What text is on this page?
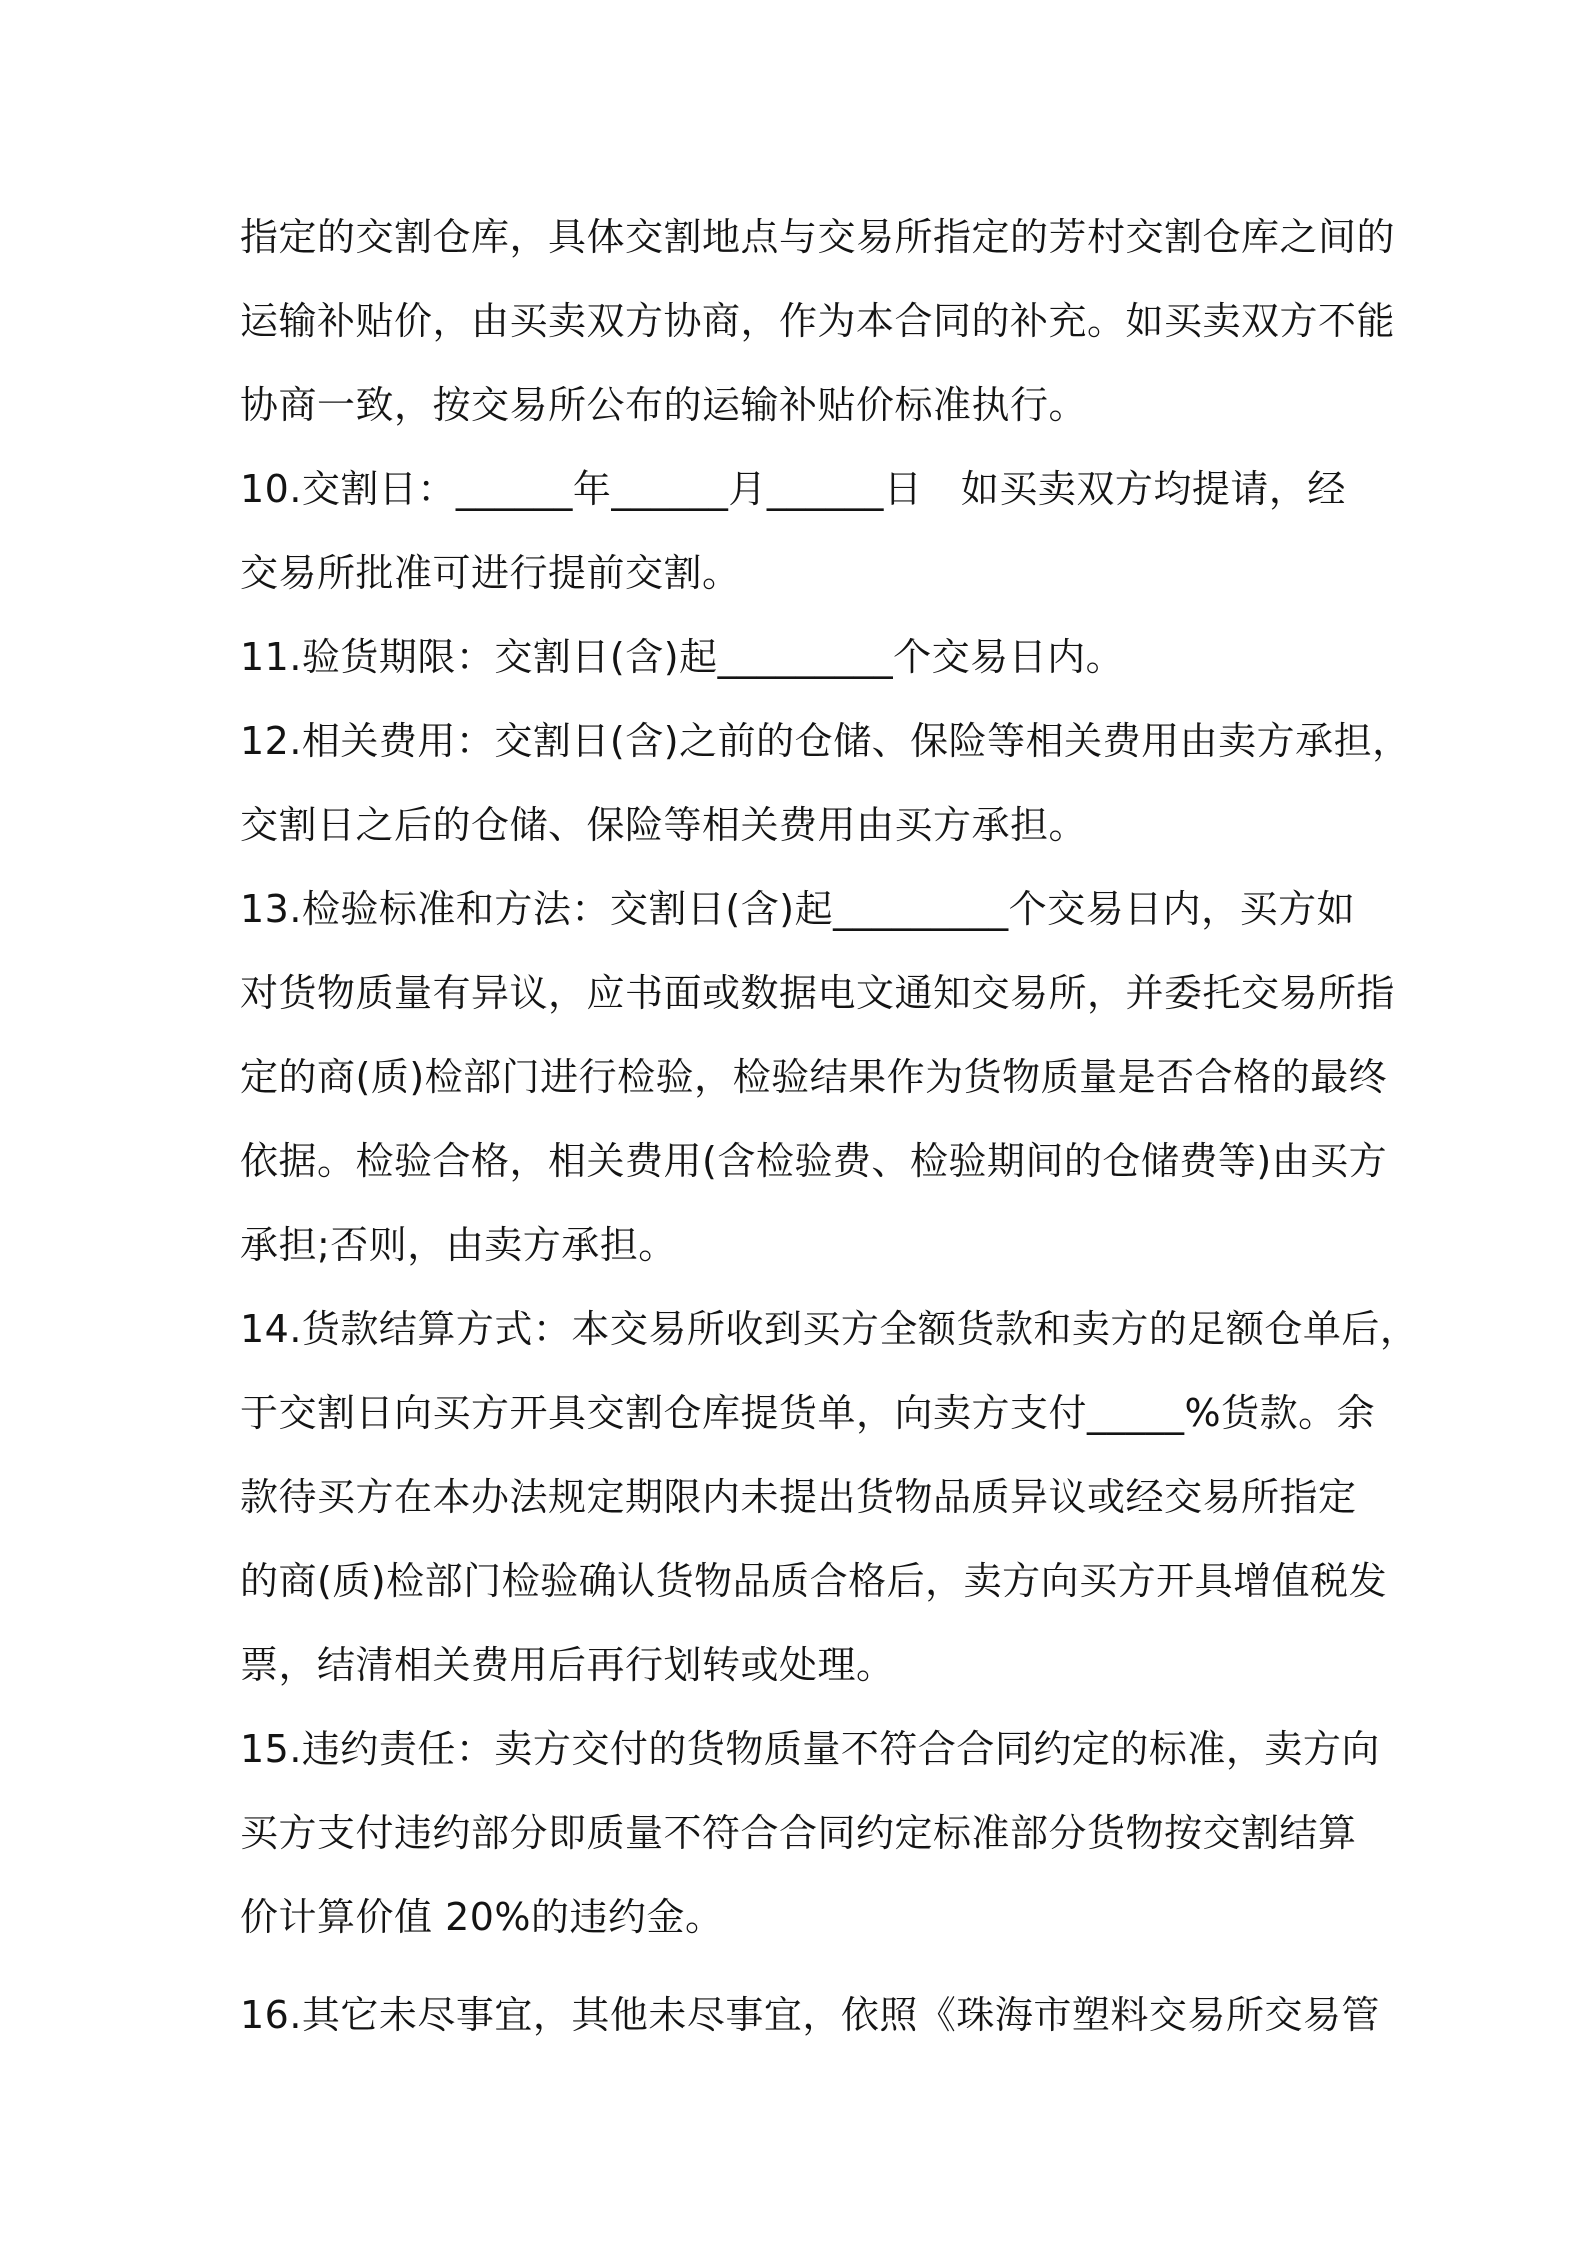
指定的交割仓库，具体交割地点与交易所指定的芳村交割仓库之间的
运输补贴价，由买卖双方协商，作为本合同的补充。如买卖双方不能
协商一致，按交易所公布的运输补贴价标准执行。
10.交割日：______年______月______日　如买卖双方均提请，经
交易所批准可进行提前交割。
11.验货期限：交割日(含)起_________个交易日内。
12.相关费用：交割日(含)之前的仓储、保险等相关费用由卖方承担，
交割日之后的仓储、保险等相关费用由买方承担。
13.检验标准和方法：交割日(含)起_________个交易日内，买方如
对货物质量有异议，应书面或数据电文通知交易所，并委托交易所指
定的商(质)检部门进行检验，检验结果作为货物质量是否合格的最终
依据。检验合格，相关费用(含检验费、检验期间的仓储费等)由买方
承担;否则，由卖方承担。
14.货款结算方式：本交易所收到买方全额货款和卖方的足额仓单后，
于交割日向买方开具交割仓库提货单，向卖方支付_____%货款。余
款待买方在本办法规定期限内未提出货物品质异议或经交易所指定
的商(质)检部门检验确认货物品质合格后，卖方向买方开具增值税发
票，结清相关费用后再行划转或处理。
15.违约责任：卖方交付的货物质量不符合合同约定的标准，卖方向
买方支付违约部分即质量不符合合同约定标准部分货物按交割结算
价计算价值 20%的违约金。
16.其它未尽事宜，其他未尽事宜，依照《珠海市塑料交易所交易管
